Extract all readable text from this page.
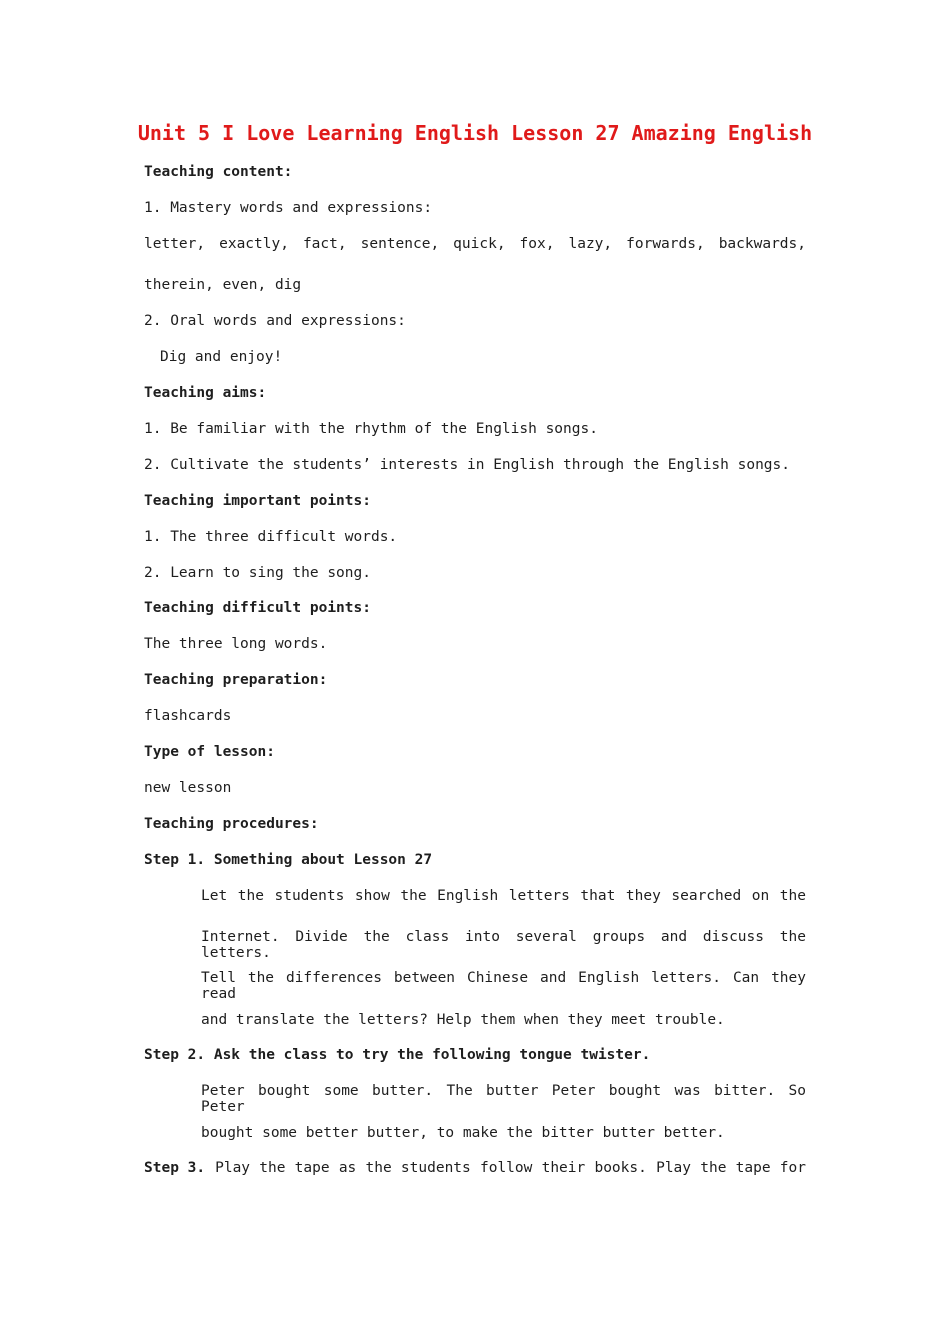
Unit 5 I Love Learning English Lesson 27 Amazing English

Teaching content:

1. Mastery words and expressions:

letter, exactly, fact, sentence, quick, fox, lazy, forwards, backwards,

therein, even, dig

2. Oral words and expressions:

Dig and enjoy!

Teaching aims:

1. Be familiar with the rhythm of the English songs.

2. Cultivate the students’ interests in English through the English songs.

Teaching important points:

1. The three difficult words.

2. Learn to sing the song.

Teaching difficult points:

The three long words.

Teaching preparation:

flashcards

Type of lesson:

new lesson

Teaching procedures:

Step 1. Something about Lesson 27

Let the students show the English letters that they searched on the

Internet. Divide the class into several groups and discuss the letters.

Tell the differences between Chinese and English letters. Can they read

and translate the letters? Help them when they meet trouble.

Step 2. Ask the class to try the following tongue twister.

Peter bought some butter. The butter Peter bought was bitter. So Peter

bought some better butter, to make the bitter butter better.

Step 3. Play the tape as the students follow their books. Play the tape for
